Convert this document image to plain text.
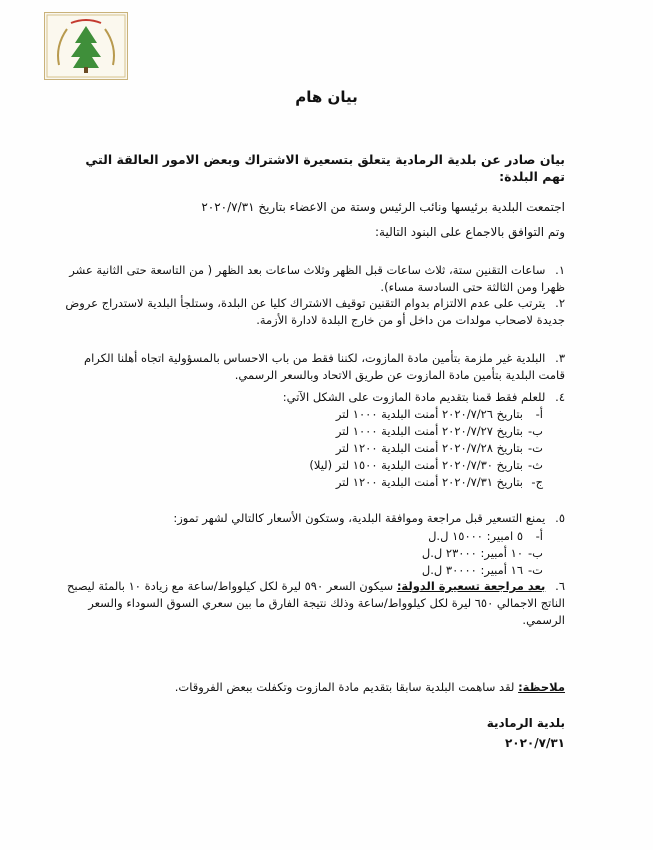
بيان هام
بيان صادر عن بلدية الرمادية يتعلق بتسعيرة الاشتراك وبعض الامور العالقة التي تهم البلدة:
اجتمعت البلدية برئيسها ونائب الرئيس وستة من الاعضاء بتاريخ ٢٠٢٠/٧/٣١
وتم التوافق بالاجماع على البنود التالية:
١. ساعات التقنين ستة، ثلاث ساعات قبل الظهر وثلاث ساعات بعد الظهر ( من التاسعة حتى الثانية عشر ظهرا ومن الثالثة حتى السادسة مساء).
٢. يترتب على عدم الالتزام بدوام التقنين توقيف الاشتراك كليا عن البلدة، وستلجأ البلدية لاستدراج عروض جديدة لاصحاب مولدات من داخل أو من خارج البلدة لادارة الأزمة.
٣. البلدية غير ملزمة بتأمين مادة المازوت، لكننا فقط من باب الاحساس بالمسؤولية اتجاه أهلنا الكرام قامت البلدية بتأمين مادة المازوت عن طريق الاتحاد وبالسعر الرسمي.
٤. للعلم فقط قمنا بتقديم مادة المازوت على الشكل الآتي:
أ-بتاريخ ٢٠٢٠/٧/٢٦ أمنت البلدية ١٠٠٠ لتر
ب-بتاريخ ٢٠٢٠/٧/٢٧ أمنت البلدية ١٠٠٠ لتر
ت-بتاريخ ٢٠٢٠/٧/٢٨ أمنت البلدية ١٢٠٠ لتر
ث-بتاريخ ٢٠٢٠/٧/٣٠ أمنت البلدية ١٥٠٠ لتر (ليلا)
ج-بتاريخ ٢٠٢٠/٧/٣١ أمنت البلدية ١٢٠٠ لتر
٥. يمنع التسعير قبل مراجعة وموافقة البلدية، وستكون الأسعار كالتالي لشهر تموز:
أ-٥ امبير: ١٥٠٠٠ ل.ل
ب-١٠ أمبير: ٢٣٠٠٠ ل.ل
ت-١٦ أمبير: ٣٠٠٠٠ ل.ل
٦. بعد مراجعة تسعيرة الدولة: سيكون السعر ٥٩٠ ليرة لكل كيلوواط/ساعة مع زيادة ١٠ بالمئة ليصبح الناتج الاجمالي ٦٥٠ ليرة لكل كيلوواط/ساعة وذلك نتيجة الفارق ما بين سعري السوق السوداء والسعر الرسمي.
ملاحظة: لقد ساهمت البلدية سابقا بتقديم مادة المازوت وتكفلت ببعض الفروقات.
بلدية الرمادية
٢٠٢٠/٧/٣١
